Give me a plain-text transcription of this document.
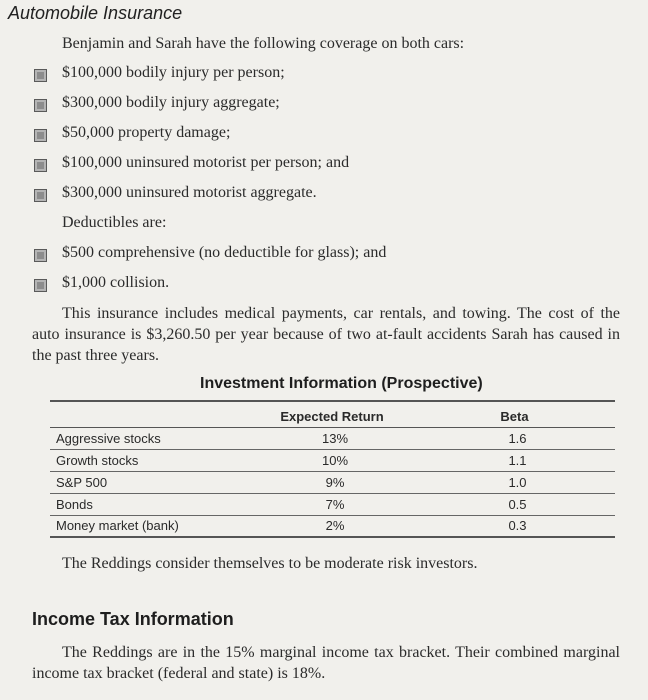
Automobile Insurance
Benjamin and Sarah have the following coverage on both cars:
$100,000 bodily injury per person;
$300,000 bodily injury aggregate;
$50,000 property damage;
$100,000 uninsured motorist per person; and
$300,000 uninsured motorist aggregate.
Deductibles are:
$500 comprehensive (no deductible for glass); and
$1,000 collision.
This insurance includes medical payments, car rentals, and towing. The cost of the auto insurance is $3,260.50 per year because of two at-fault accidents Sarah has caused in the past three years.
Investment Information (Prospective)
	Expected Return	Beta
Aggressive stocks	13%	1.6
Growth stocks	10%	1.1
S&P 500	9%	1.0
Bonds	7%	0.5
Money market (bank)	2%	0.3
The Reddings consider themselves to be moderate risk investors.
Income Tax Information
The Reddings are in the 15% marginal income tax bracket. Their combined marginal income tax bracket (federal and state) is 18%.
